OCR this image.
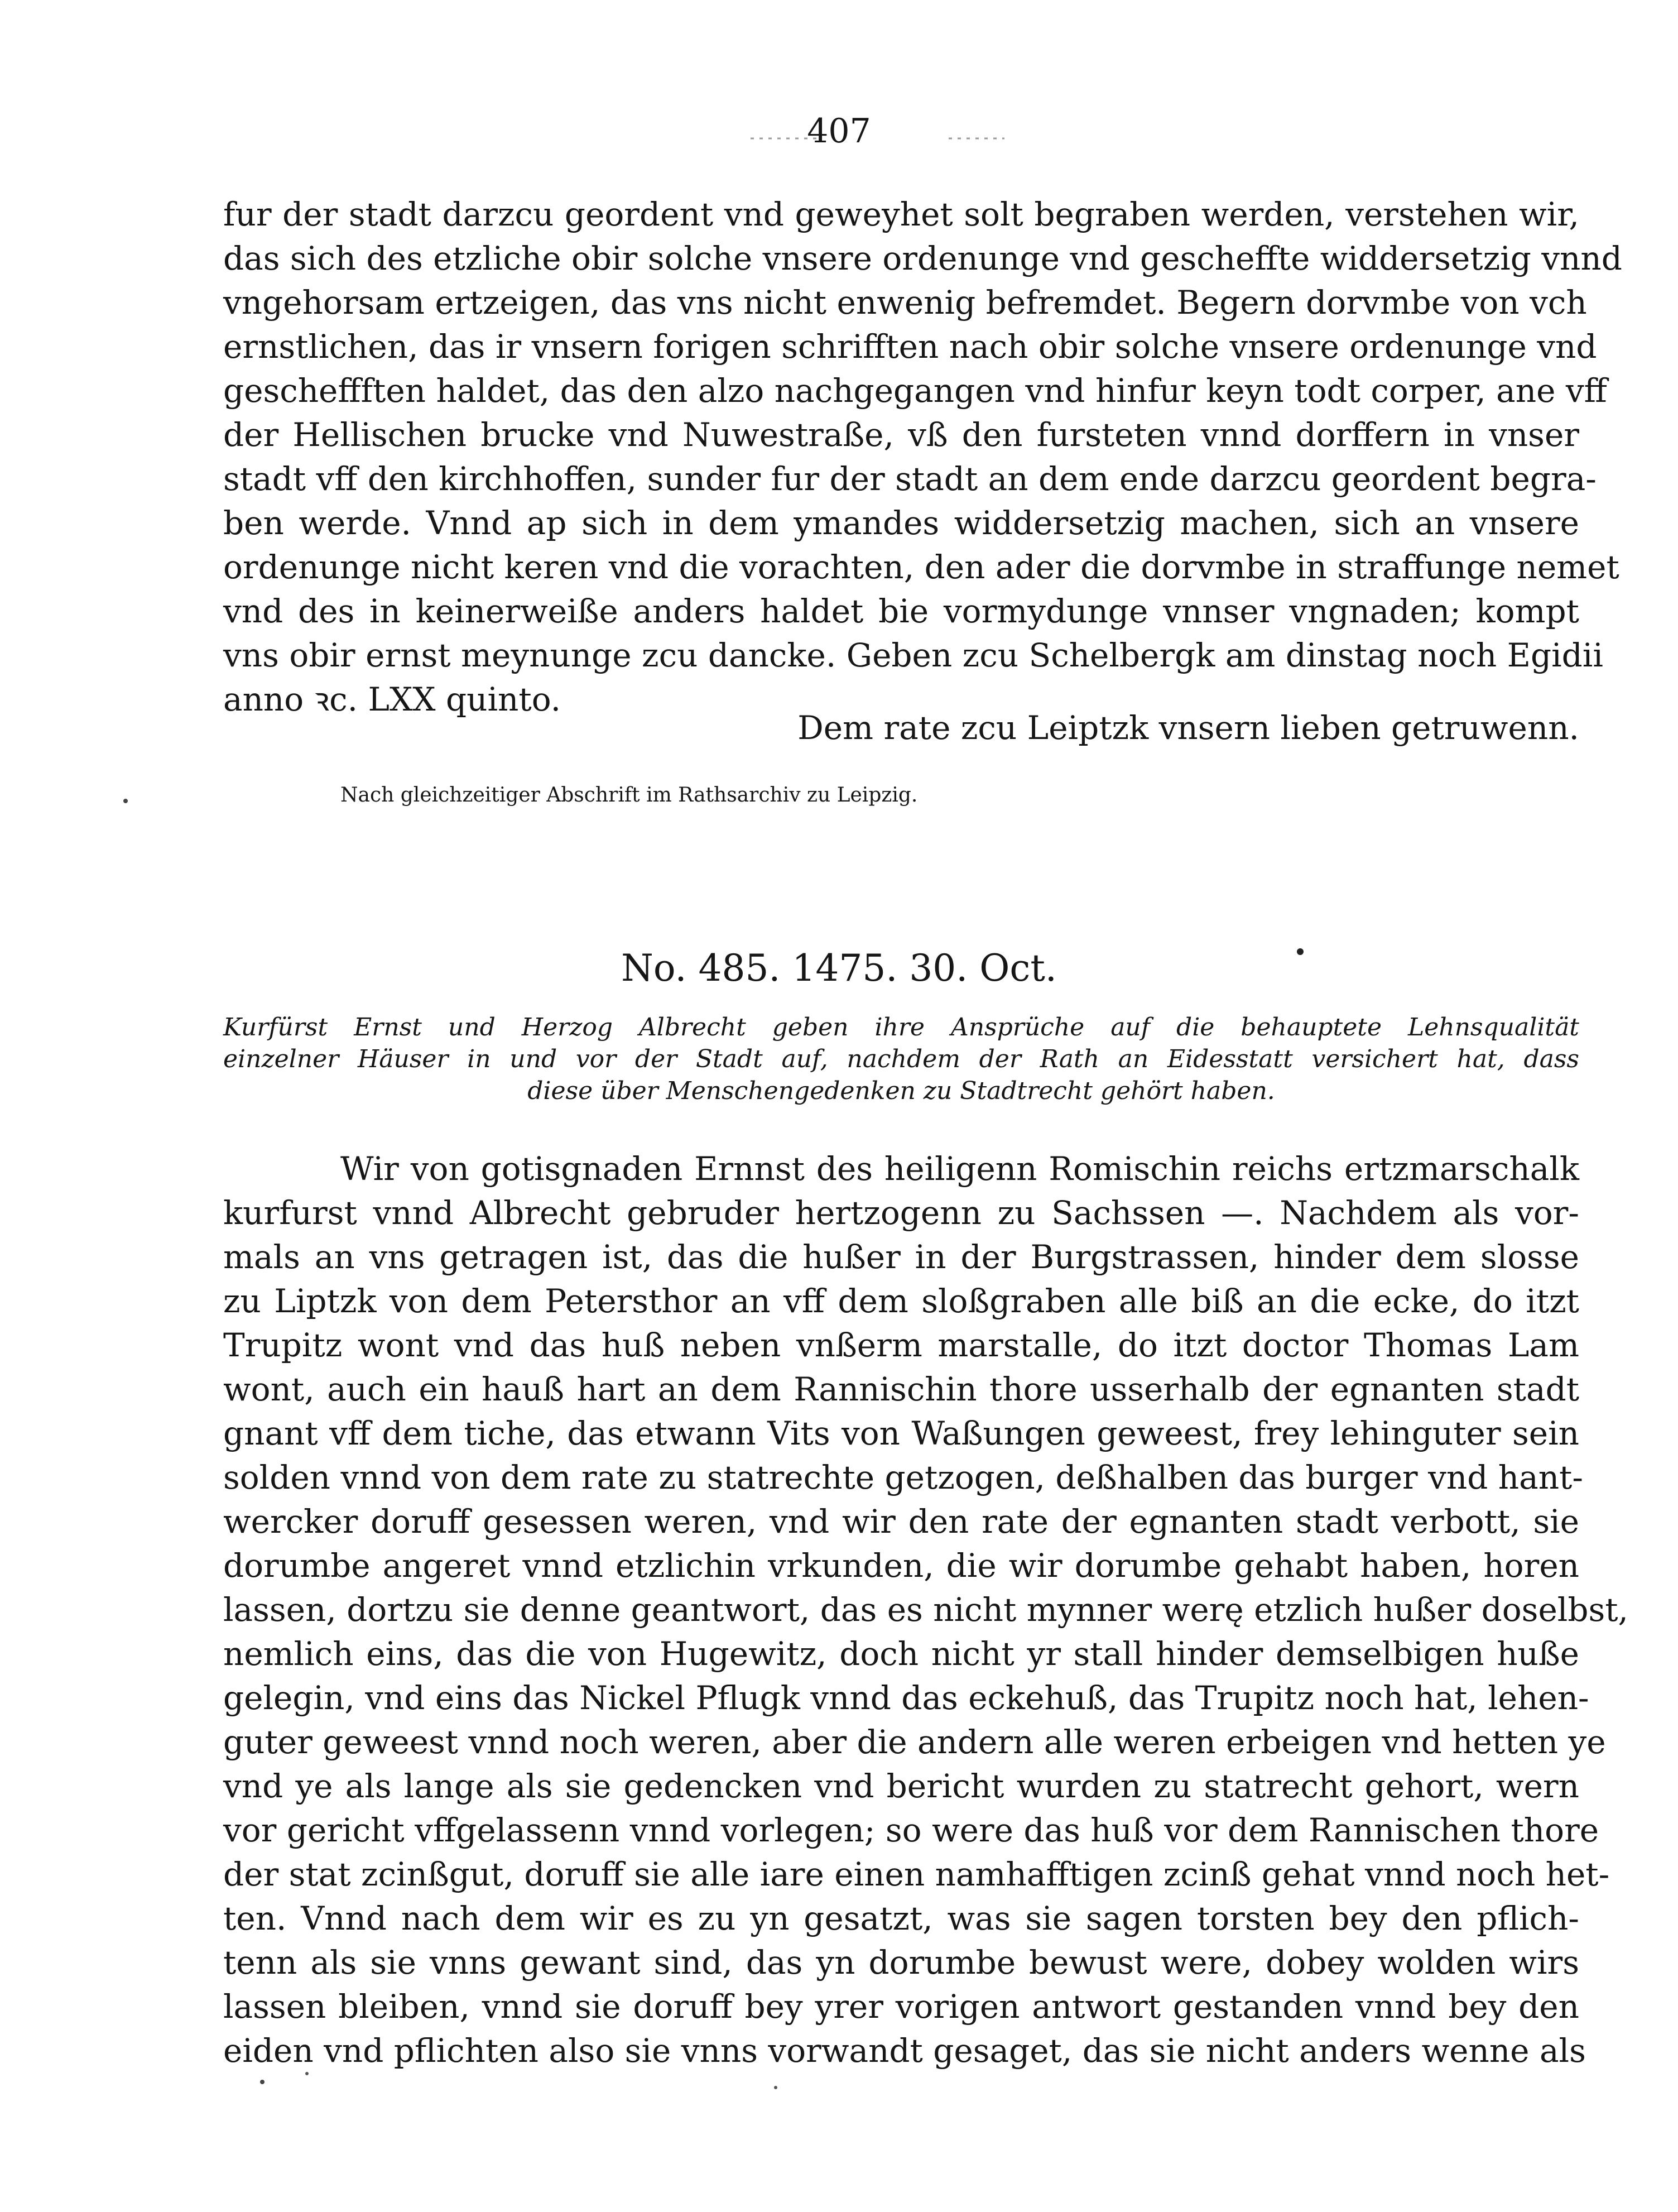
407
fur der stadt darzcu geordent vnd geweyhet solt begraben werden, verstehen wir,
das sich des etzliche obir solche vnsere ordenunge vnd gescheffte widdersetzig vnnd
vngehorsam ertzeigen, das vns nicht enwenig befremdet. Begern dorvmbe von vch
ernstlichen, das ir vnsern forigen schrifften nach obir solche vnsere ordenunge vnd
gescheffften haldet, das den alzo nachgegangen vnd hinfur keyn todt corper, ane vff
der Hellischen brucke vnd Nuwestraße, vß den fursteten vnnd dorffern in vnser
stadt vff den kirchhoffen, sunder fur der stadt an dem ende darzcu geordent begra-
ben werde. Vnnd ap sich in dem ymandes widdersetzig machen, sich an vnsere
ordenunge nicht keren vnd die vorachten, den ader die dorvmbe in straffunge nemet
vnd des in keinerweiße anders haldet bie vormydunge vnnser vngnaden; kompt
vns obir ernst meynunge zcu dancke. Geben zcu Schelbergk am dinstag noch Egidii
anno ꝛc. LXX quinto.
Dem rate zcu Leiptzk vnsern lieben getruwenn.
Nach gleichzeitiger Abschrift im Rathsarchiv zu Leipzig.
No. 485. 1475. 30. Oct.
Kurfürst Ernst und Herzog Albrecht geben ihre Ansprüche auf die behauptete Lehnsqualität
einzelner Häuser in und vor der Stadt auf, nachdem der Rath an Eidesstatt versichert hat, dass
diese über Menschengedenken zu Stadtrecht gehört haben.
Wir von gotisgnaden Ernnst des heiligenn Romischin reichs ertzmarschalk
kurfurst vnnd Albrecht gebruder hertzogenn zu Sachssen —. Nachdem als vor-
mals an vns getragen ist, das die hußer in der Burgstrassen, hinder dem slosse
zu Liptzk von dem Petersthor an vff dem sloßgraben alle biß an die ecke, do itzt
Trupitz wont vnd das huß neben vnßerm marstalle, do itzt doctor Thomas Lam
wont, auch ein hauß hart an dem Rannischin thore usserhalb der egnanten stadt
gnant vff dem tiche, das etwann Vits von Waßungen geweest, frey lehinguter sein
solden vnnd von dem rate zu statrechte getzogen, deßhalben das burger vnd hant-
wercker doruff gesessen weren, vnd wir den rate der egnanten stadt verbott, sie
dorumbe angeret vnnd etzlichin vrkunden, die wir dorumbe gehabt haben, horen
lassen, dortzu sie denne geantwort, das es nicht mynner werę etzlich hußer doselbst,
nemlich eins, das die von Hugewitz, doch nicht yr stall hinder demselbigen huße
gelegin, vnd eins das Nickel Pflugk vnnd das eckehuß, das Trupitz noch hat, lehen-
guter geweest vnnd noch weren, aber die andern alle weren erbeigen vnd hetten ye
vnd ye als lange als sie gedencken vnd bericht wurden zu statrecht gehort, wern
vor gericht vffgelassenn vnnd vorlegen; so were das huß vor dem Rannischen thore
der stat zcinßgut, doruff sie alle iare einen namhafftigen zcinß gehat vnnd noch het-
ten. Vnnd nach dem wir es zu yn gesatzt, was sie sagen torsten bey den pflich-
tenn als sie vnns gewant sind, das yn dorumbe bewust were, dobey wolden wirs
lassen bleiben, vnnd sie doruff bey yrer vorigen antwort gestanden vnnd bey den
eiden vnd pflichten also sie vnns vorwandt gesaget, das sie nicht anders wenne als
